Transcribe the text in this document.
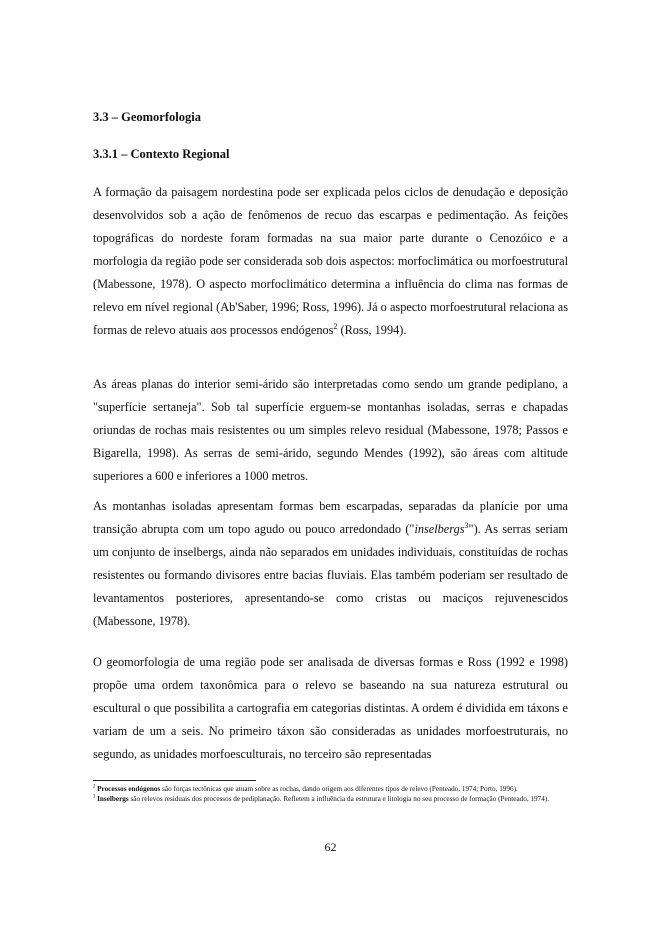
3.3 – Geomorfologia

3.3.1 – Contexto Regional

A formação da paisagem nordestina pode ser explicada pelos ciclos de denudação e deposição desenvolvidos sob a ação de fenômenos de recuo das escarpas e pedimentação. As feições topográficas do nordeste foram formadas na sua maior parte durante o Cenozóico e a morfologia da região pode ser considerada sob dois aspectos: morfoclimática ou morfoestrutural (Mabessone, 1978). O aspecto morfoclimático determina a influência do clima nas formas de relevo em nível regional (Ab'Saber, 1996; Ross, 1996). Já o aspecto morfoestrutural relaciona as formas de relevo atuais aos processos endógenos$^2$ (Ross, 1994).

As áreas planas do interior semi-árido são interpretadas como sendo um grande pediplano, a "superfície sertaneja". Sob tal superfície erguem-se montanhas isoladas, serras e chapadas oriundas de rochas mais resistentes ou um simples relevo residual (Mabessone, 1978; Passos e Bigarella, 1998). As serras de semi-árido, segundo Mendes (1992), são áreas com altitude superiores a 600 e inferiores a 1000 metros.

As montanhas isoladas apresentam formas bem escarpadas, separadas da planície por uma transição abrupta com um topo agudo ou pouco arredondado ("inselbergs$^3$"). As serras seriam um conjunto de inselbergs, ainda não separados em unidades individuais, constituídas de rochas resistentes ou formando divisores entre bacias fluviais. Elas também poderiam ser resultado de levantamentos posteriores, apresentando-se como cristas ou maciços rejuvenescidos (Mabessone, 1978).

O geomorfologia de uma região pode ser analisada de diversas formas e Ross (1992 e 1998) propõe uma ordem taxonômica para o relevo se baseando na sua natureza estrutural ou escultural o que possibilita a cartografia em categorias distintas. A ordem é dividida em táxons e variam de um a seis. No primeiro táxon são consideradas as unidades morfoestruturais, no segundo, as unidades morfoesculturais, no terceiro são representadas

$^2$ Processos endógenos são forças tectônicas que atuam sobre as rochas, dando origem aos diferentes tipos de relevo (Penteado, 1974; Porto, 1996).

$^3$ Inselbergs são relevos residuais dos processos de pediplanação. Refletem a influência da estrutura e litologia no seu processo de formação (Penteado, 1974).

62
